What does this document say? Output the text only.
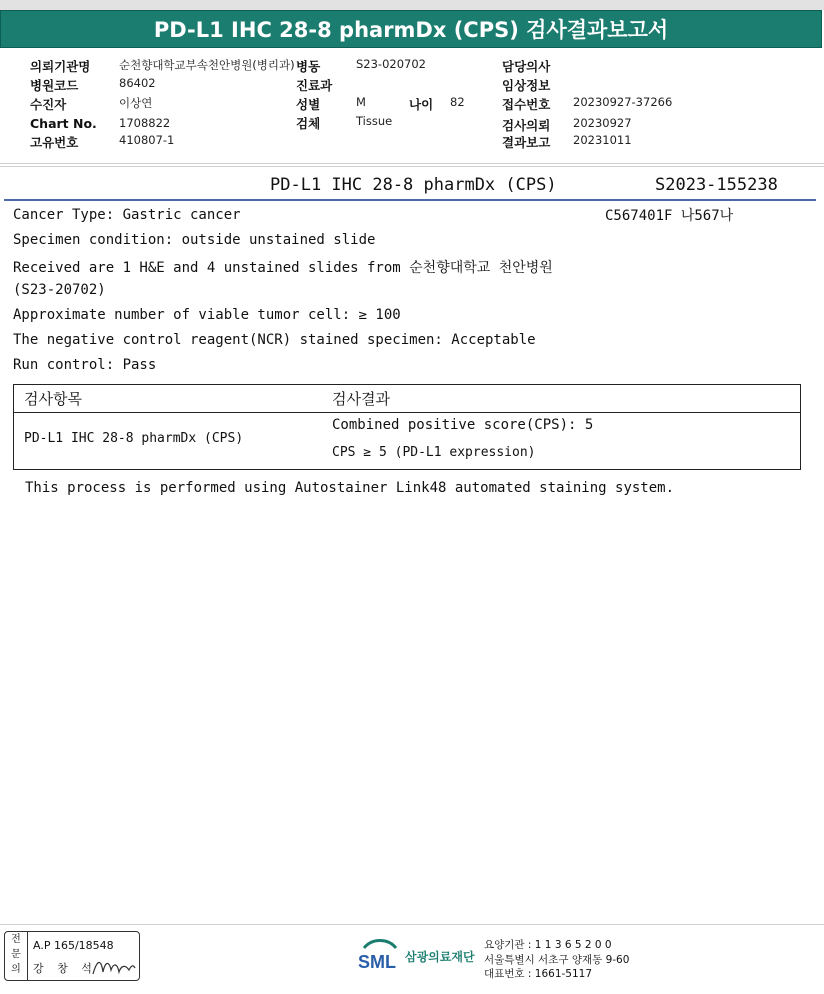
PD-L1 IHC 28-8 pharmDx (CPS) 검사결과보고서
의뢰기관명 순천향대학교부속천안병원(병리과)
병원코드	86402
수진자	이상연
Chart No. 1708822
고유번호	410807-1
병동	S23-020702
진료과
성별	M	나이 82
검체	Tissue
담당의사
임상정보
접수번호 20230927-37266
검사의뢰 20230927
결과보고 20231011
PD-L1 IHC 28-8 pharmDx (CPS)	S2023-155238
C567401F 나567나
Cancer Type: Gastric cancer
Specimen condition: outside unstained slide
Received are 1 H&E and 4 unstained slides from 순천향대학교 천안병원
(S23-20702)
Approximate number of viable tumor cell: ≥ 100
The negative control reagent(NCR) stained specimen: Acceptable
Run control: Pass
검사항목	검사결과
PD-L1 IHC 28-8 pharmDx (CPS)
Combined positive score(CPS): 5
CPS ≥ 5 (PD-L1 expression)
This process is performed using Autostainer Link48 automated staining system.
전
문
의
A.P 165/18548
강 창 석	SML 삼광의료재단
요양기관 : 1 1 3 6 5 2 0 0
서울특별시 서초구 양재동 9-60
대표번호 : 1661-5117
